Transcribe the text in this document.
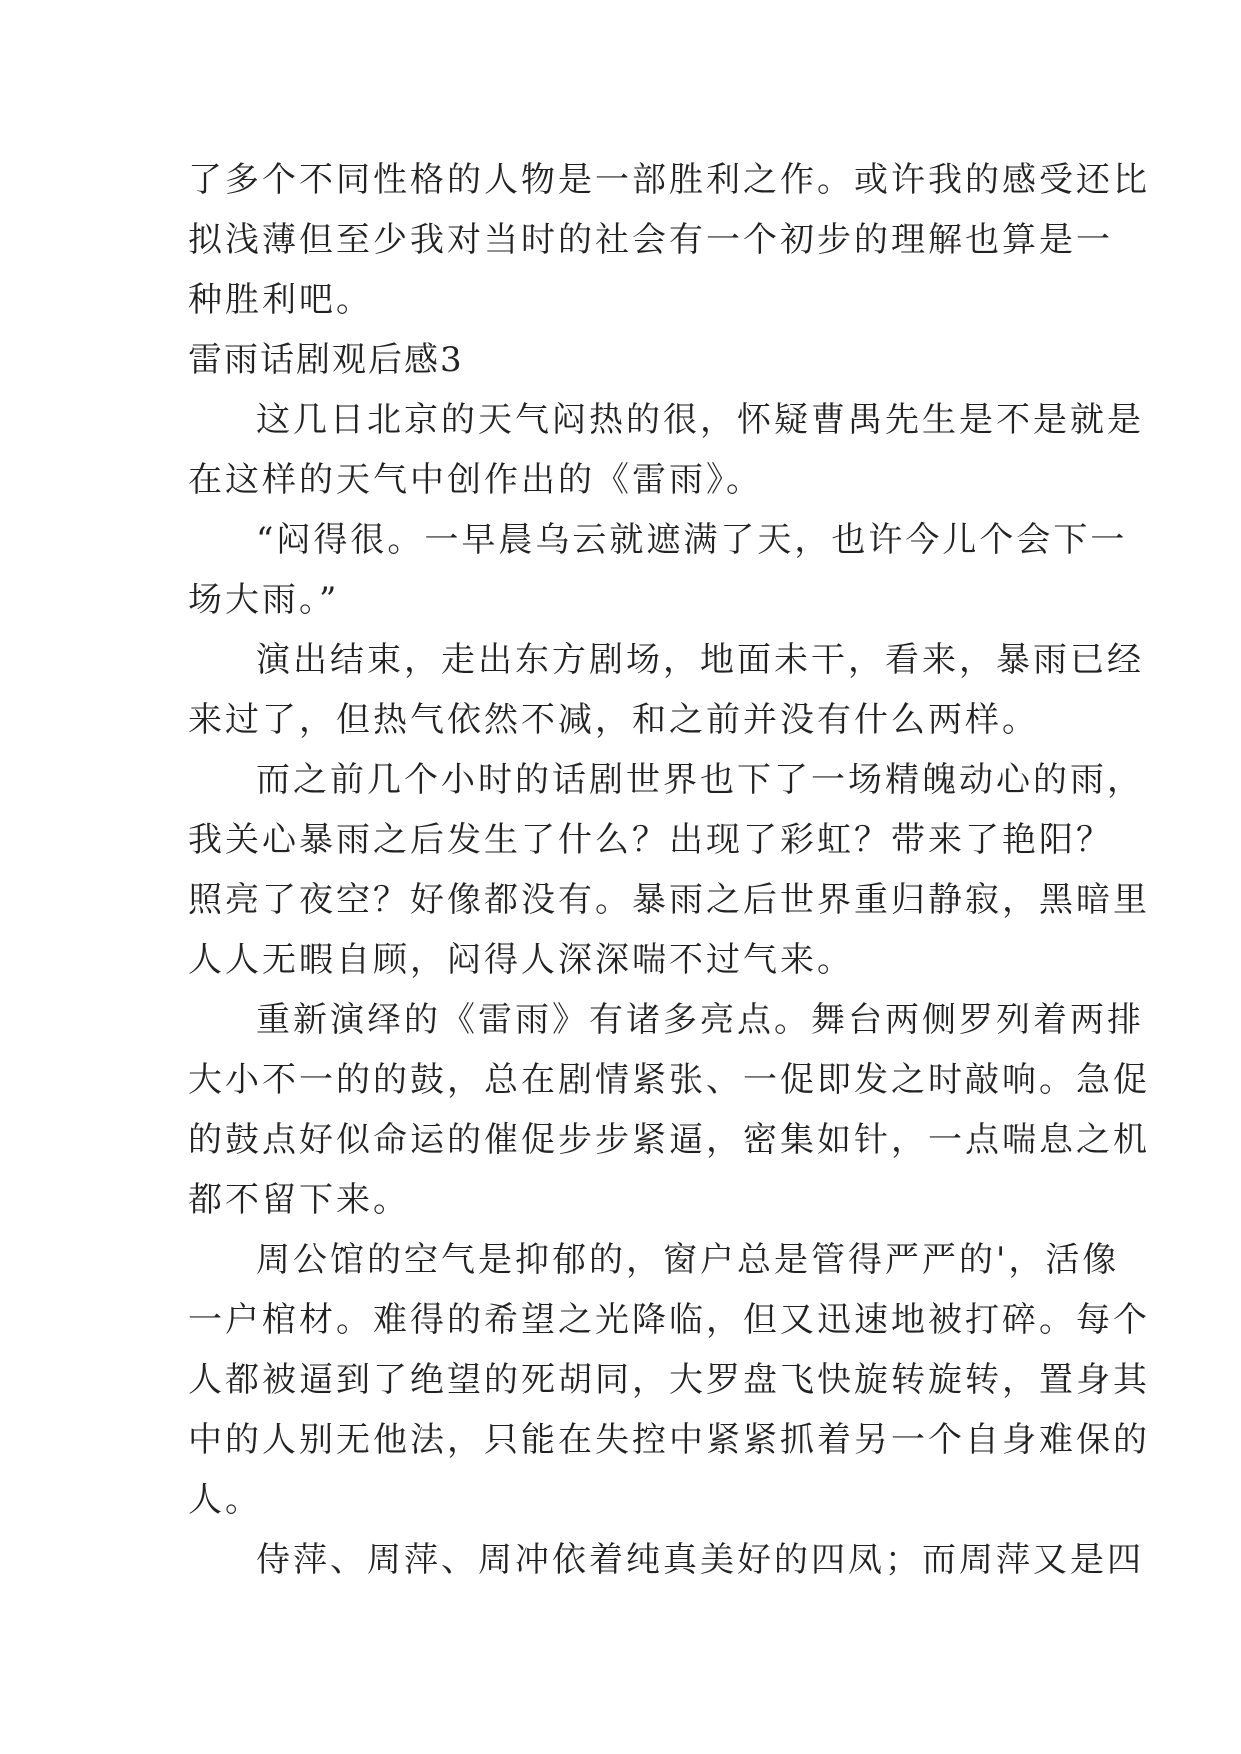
了多个不同性格的人物是一部胜利之作。或许我的感受还比
拟浅薄但至少我对当时的社会有一个初步的理解也算是一
种胜利吧。
雷雨话剧观后感3
这几日北京的天气闷热的很，怀疑曹禺先生是不是就是
在这样的天气中创作出的《雷雨》。
“闷得很。一早晨乌云就遮满了天，也许今儿个会下一
场大雨。”
演出结束，走出东方剧场，地面未干，看来，暴雨已经
来过了，但热气依然不减，和之前并没有什么两样。
而之前几个小时的话剧世界也下了一场精魄动心的雨，
我关心暴雨之后发生了什么？出现了彩虹？带来了艳阳？
照亮了夜空？好像都没有。暴雨之后世界重归静寂，黑暗里
人人无暇自顾，闷得人深深喘不过气来。
重新演绎的《雷雨》有诸多亮点。舞台两侧罗列着两排
大小不一的的鼓，总在剧情紧张、一促即发之时敲响。急促
的鼓点好似命运的催促步步紧逼，密集如针，一点喘息之机
都不留下来。
周公馆的空气是抑郁的，窗户总是管得严严的'，活像
一户棺材。难得的希望之光降临，但又迅速地被打碎。每个
人都被逼到了绝望的死胡同，大罗盘飞快旋转旋转，置身其
中的人别无他法，只能在失控中紧紧抓着另一个自身难保的
人。
侍萍、周萍、周冲依着纯真美好的四凤；而周萍又是四
